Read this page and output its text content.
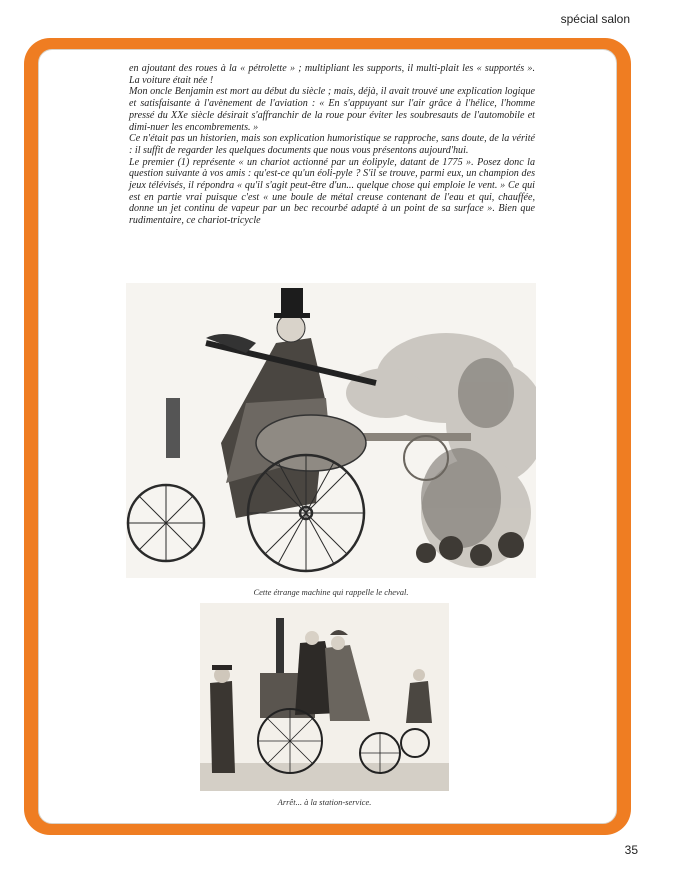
spécial salon

en ajoutant des roues à la « pétrolette » ; multipliant les supports, il multi-plait les « supportés ». La voiture était née !

Mon oncle Benjamin est mort au début du siècle ; mais, déjà, il avait trouvé une explication logique et satisfaisante à l'avènement de l'aviation : « En s'appuyant sur l'air grâce à l'hélice, l'homme pressé du XXe siècle désirait s'affranchir de la roue pour éviter les soubresauts de l'automobile et dimi-nuer les encombrements. »

Ce n'était pas un historien, mais son explication humoristique se rapproche, sans doute, de la vérité : il suffit de regarder les quelques documents que nous vous présentons aujourd'hui.

Le premier (1) représente « un chariot actionné par un éolipyle, datant de 1775 ». Posez donc la question suivante à vos amis : qu'est-ce qu'un éoli-pyle ? S'il se trouve, parmi eux, un champion des jeux télévisés, il répondra « qu'il s'agit peut-être d'un... quelque chose qui emploie le vent. » Ce qui est en partie vrai puisque c'est « une boule de métal creuse contenant de l'eau et qui, chauffée, donne un jet continu de vapeur par un bec recourbé adapté à un point de sa surface ». Bien que rudimentaire, ce chariot-tricycle

Cette étrange machine qui rappelle le cheval.
Arrêt... à la station-service.
35
